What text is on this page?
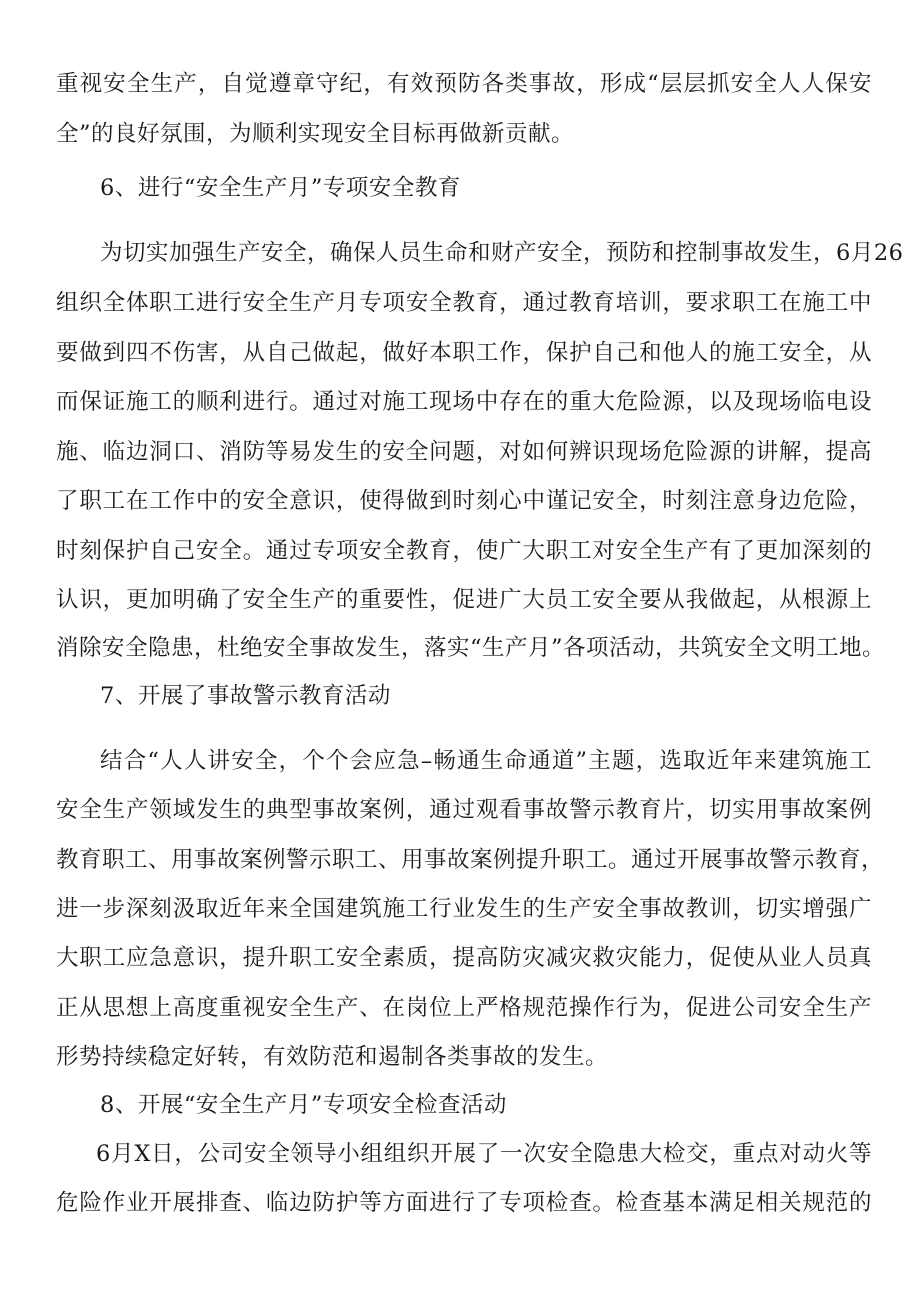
重视安全生产，自觉遵章守纪，有效预防各类事故，形成“层层抓安全人人保安
全”的良好氛围，为顺利实现安全目标再做新贡献。
6、进行“安全生产月”专项安全教育
为切实加强生产安全，确保人员生命和财产安全，预防和控制事故发生，6月26
组织全体职工进行安全生产月专项安全教育，通过教育培训，要求职工在施工中
要做到四不伤害，从自己做起，做好本职工作，保护自己和他人的施工安全，从
而保证施工的顺利进行。通过对施工现场中存在的重大危险源，以及现场临电设
施、临边洞口、消防等易发生的安全问题，对如何辨识现场危险源的讲解，提高
了职工在工作中的安全意识，使得做到时刻心中谨记安全，时刻注意身边危险，
时刻保护自己安全。通过专项安全教育，使广大职工对安全生产有了更加深刻的
认识，更加明确了安全生产的重要性，促进广大员工安全要从我做起，从根源上
消除安全隐患，杜绝安全事故发生，落实“生产月”各项活动，共筑安全文明工地。
7、开展了事故警示教育活动
结合“人人讲安全，个个会应急–畅通生命通道”主题，选取近年来建筑施工
安全生产领域发生的典型事故案例，通过观看事故警示教育片，切实用事故案例
教育职工、用事故案例警示职工、用事故案例提升职工。通过开展事故警示教育，
进一步深刻汲取近年来全国建筑施工行业发生的生产安全事故教训，切实增强广
大职工应急意识，提升职工安全素质，提高防灾减灾救灾能力，促使从业人员真
正从思想上高度重视安全生产、在岗位上严格规范操作行为，促进公司安全生产
形势持续稳定好转，有效防范和遏制各类事故的发生。
8、开展“安全生产月”专项安全检查活动
6月X日，公司安全领导小组组织开展了一次安全隐患大检交，重点对动火等
危险作业开展排查、临边防护等方面进行了专项检查。检查基本满足相关规范的
